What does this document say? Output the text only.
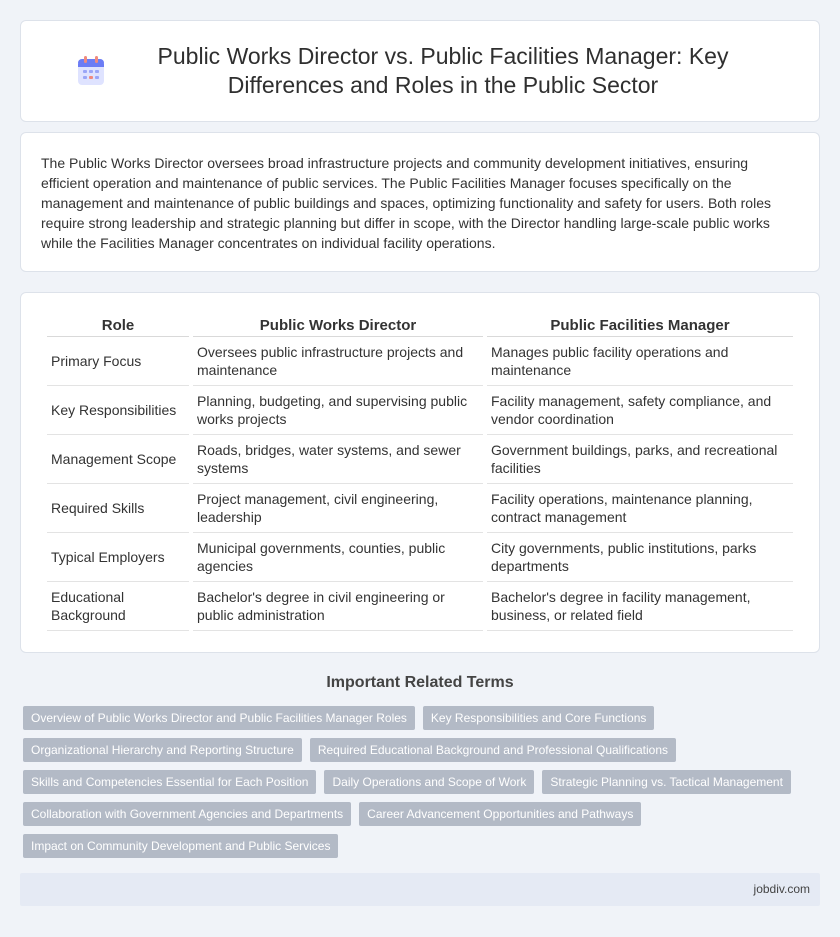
Public Works Director vs. Public Facilities Manager: Key Differences and Roles in the Public Sector

The Public Works Director oversees broad infrastructure projects and community development initiatives, ensuring efficient operation and maintenance of public services. The Public Facilities Manager focuses specifically on the management and maintenance of public buildings and spaces, optimizing functionality and safety for users. Both roles require strong leadership and strategic planning but differ in scope, with the Director handling large-scale public works while the Facilities Manager concentrates on individual facility operations.

Role	Public Works Director	Public Facilities Manager
Primary Focus	Oversees public infrastructure projects and maintenance	Manages public facility operations and maintenance
Key Responsibilities	Planning, budgeting, and supervising public works projects	Facility management, safety compliance, and vendor coordination
Management Scope	Roads, bridges, water systems, and sewer systems	Government buildings, parks, and recreational facilities
Required Skills	Project management, civil engineering, leadership	Facility operations, maintenance planning, contract management
Typical Employers	Municipal governments, counties, public agencies	City governments, public institutions, parks departments
Educational Background	Bachelor's degree in civil engineering or public administration	Bachelor's degree in facility management, business, or related field
Important Related Terms
Overview of Public Works Director and Public Facilities Manager Roles	Key Responsibilities and Core Functions
Organizational Hierarchy and Reporting Structure	Required Educational Background and Professional Qualifications
Skills and Competencies Essential for Each Position	Daily Operations and Scope of Work	Strategic Planning vs. Tactical Management
Collaboration with Government Agencies and Departments	Career Advancement Opportunities and Pathways
Impact on Community Development and Public Services
jobdiv.com
